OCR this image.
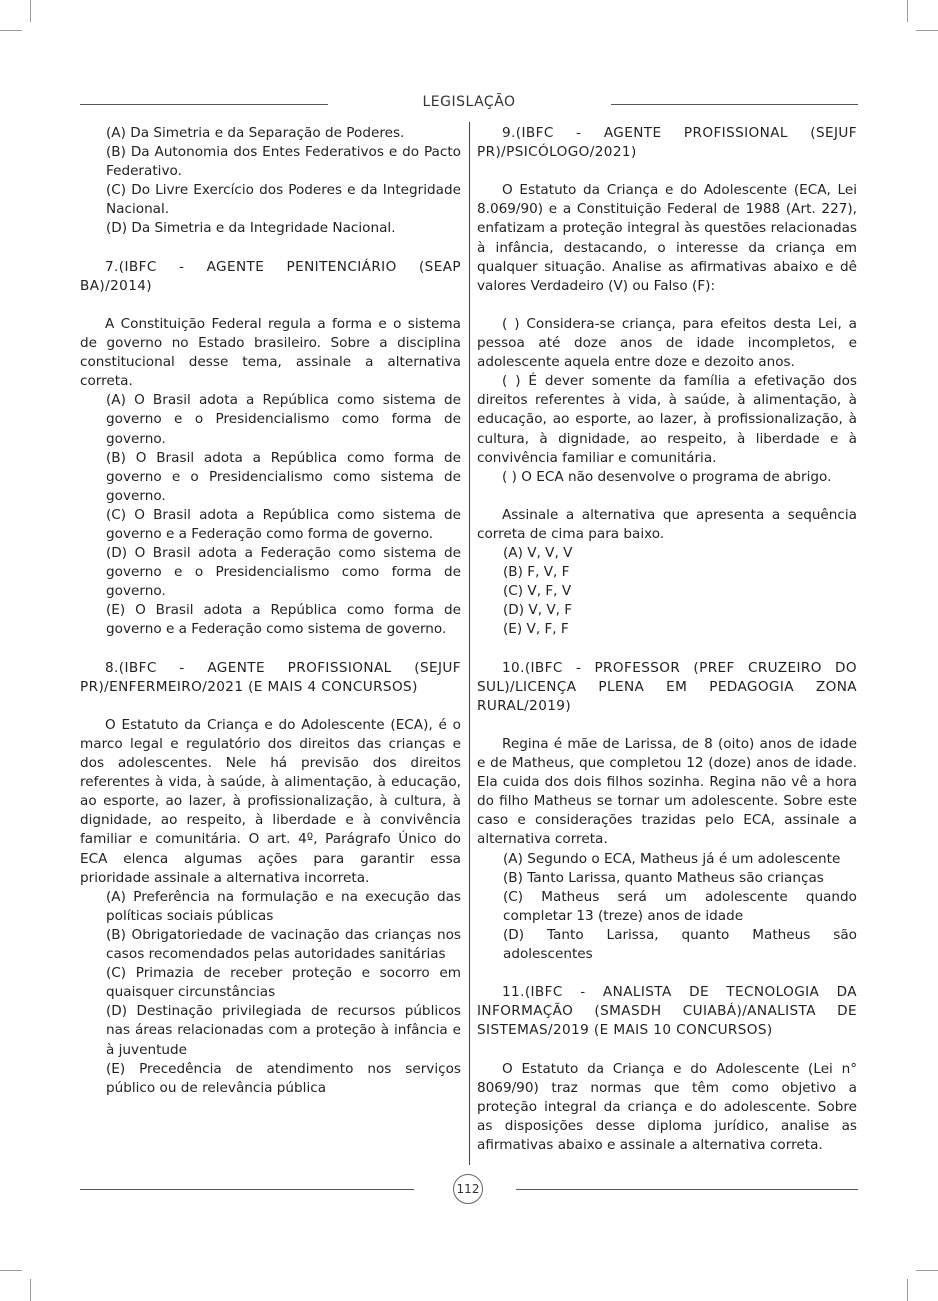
LEGISLAÇÃO

(A) Da Simetria e da Separação de Poderes.

(B) Da Autonomia dos Entes Federativos e do Pacto Federativo.

(C) Do Livre Exercício dos Poderes e da Integridade Nacional.

(D) Da Simetria e da Integridade Nacional.

7.(IBFC - AGENTE PENITENCIÁRIO (SEAP BA)/2014)

A Constituição Federal regula a forma e o sistema de governo no Estado brasileiro. Sobre a disciplina constitucional desse tema, assinale a alternativa correta.

(A) O Brasil adota a República como sistema de governo e o Presidencialismo como forma de governo.

(B) O Brasil adota a República como forma de governo e o Presidencialismo como sistema de governo.

(C) O Brasil adota a República como sistema de governo e a Federação como forma de governo.

(D) O Brasil adota a Federação como sistema de governo e o Presidencialismo como forma de governo.

(E) O Brasil adota a República como forma de governo e a Federação como sistema de governo.

8.(IBFC - AGENTE PROFISSIONAL (SEJUF PR)/ENFERMEIRO/2021 (E MAIS 4 CONCURSOS)

O Estatuto da Criança e do Adolescente (ECA), é o marco legal e regulatório dos direitos das crianças e dos adolescentes. Nele há previsão dos direitos referentes à vida, à saúde, à alimentação, à educação, ao esporte, ao lazer, à profissionalização, à cultura, à dignidade, ao respeito, à liberdade e à convivência familiar e comunitária. O art. 4º, Parágrafo Único do ECA elenca algumas ações para garantir essa prioridade assinale a alternativa incorreta.

(A) Preferência na formulação e na execução das políticas sociais públicas

(B) Obrigatoriedade de vacinação das crianças nos casos recomendados pelas autoridades sanitárias

(C) Primazia de receber proteção e socorro em quaisquer circunstâncias

(D) Destinação privilegiada de recursos públicos nas áreas relacionadas com a proteção à infância e à juventude

(E) Precedência de atendimento nos serviços público ou de relevância pública

9.(IBFC - AGENTE PROFISSIONAL (SEJUF PR)/PSICÓLOGO/2021)

O Estatuto da Criança e do Adolescente (ECA, Lei 8.069/90) e a Constituição Federal de 1988 (Art. 227), enfatizam a proteção integral às questões relacionadas à infância, destacando, o interesse da criança em qualquer situação. Analise as afirmativas abaixo e dê valores Verdadeiro (V) ou Falso (F):

( ) Considera-se criança, para efeitos desta Lei, a pessoa até doze anos de idade incompletos, e adolescente aquela entre doze e dezoito anos.

( ) É dever somente da família a efetivação dos direitos referentes à vida, à saúde, à alimentação, à educação, ao esporte, ao lazer, à profissionalização, à cultura, à dignidade, ao respeito, à liberdade e à convivência familiar e comunitária.

( ) O ECA não desenvolve o programa de abrigo.

Assinale a alternativa que apresenta a sequência correta de cima para baixo.

(A) V, V, V

(B) F, V, F

(C) V, F, V

(D) V, V, F

(E) V, F, F

10.(IBFC - PROFESSOR (PREF CRUZEIRO DO SUL)/LICENÇA PLENA EM PEDAGOGIA ZONA RURAL/2019)

Regina é mãe de Larissa, de 8 (oito) anos de idade e de Matheus, que completou 12 (doze) anos de idade. Ela cuida dos dois filhos sozinha. Regina não vê a hora do filho Matheus se tornar um adolescente. Sobre este caso e considerações trazidas pelo ECA, assinale a alternativa correta.

(A) Segundo o ECA, Matheus já é um adolescente

(B) Tanto Larissa, quanto Matheus são crianças

(C) Matheus será um adolescente quando completar 13 (treze) anos de idade

(D) Tanto Larissa, quanto Matheus são adolescentes

11.(IBFC - ANALISTA DE TECNOLOGIA DA INFORMAÇÃO (SMASDH CUIABÁ)/ANALISTA DE SISTEMAS/2019 (E MAIS 10 CONCURSOS)

O Estatuto da Criança e do Adolescente (Lei n° 8069/90) traz normas que têm como objetivo a proteção integral da criança e do adolescente. Sobre as disposições desse diploma jurídico, analise as afirmativas abaixo e assinale a alternativa correta.

112
